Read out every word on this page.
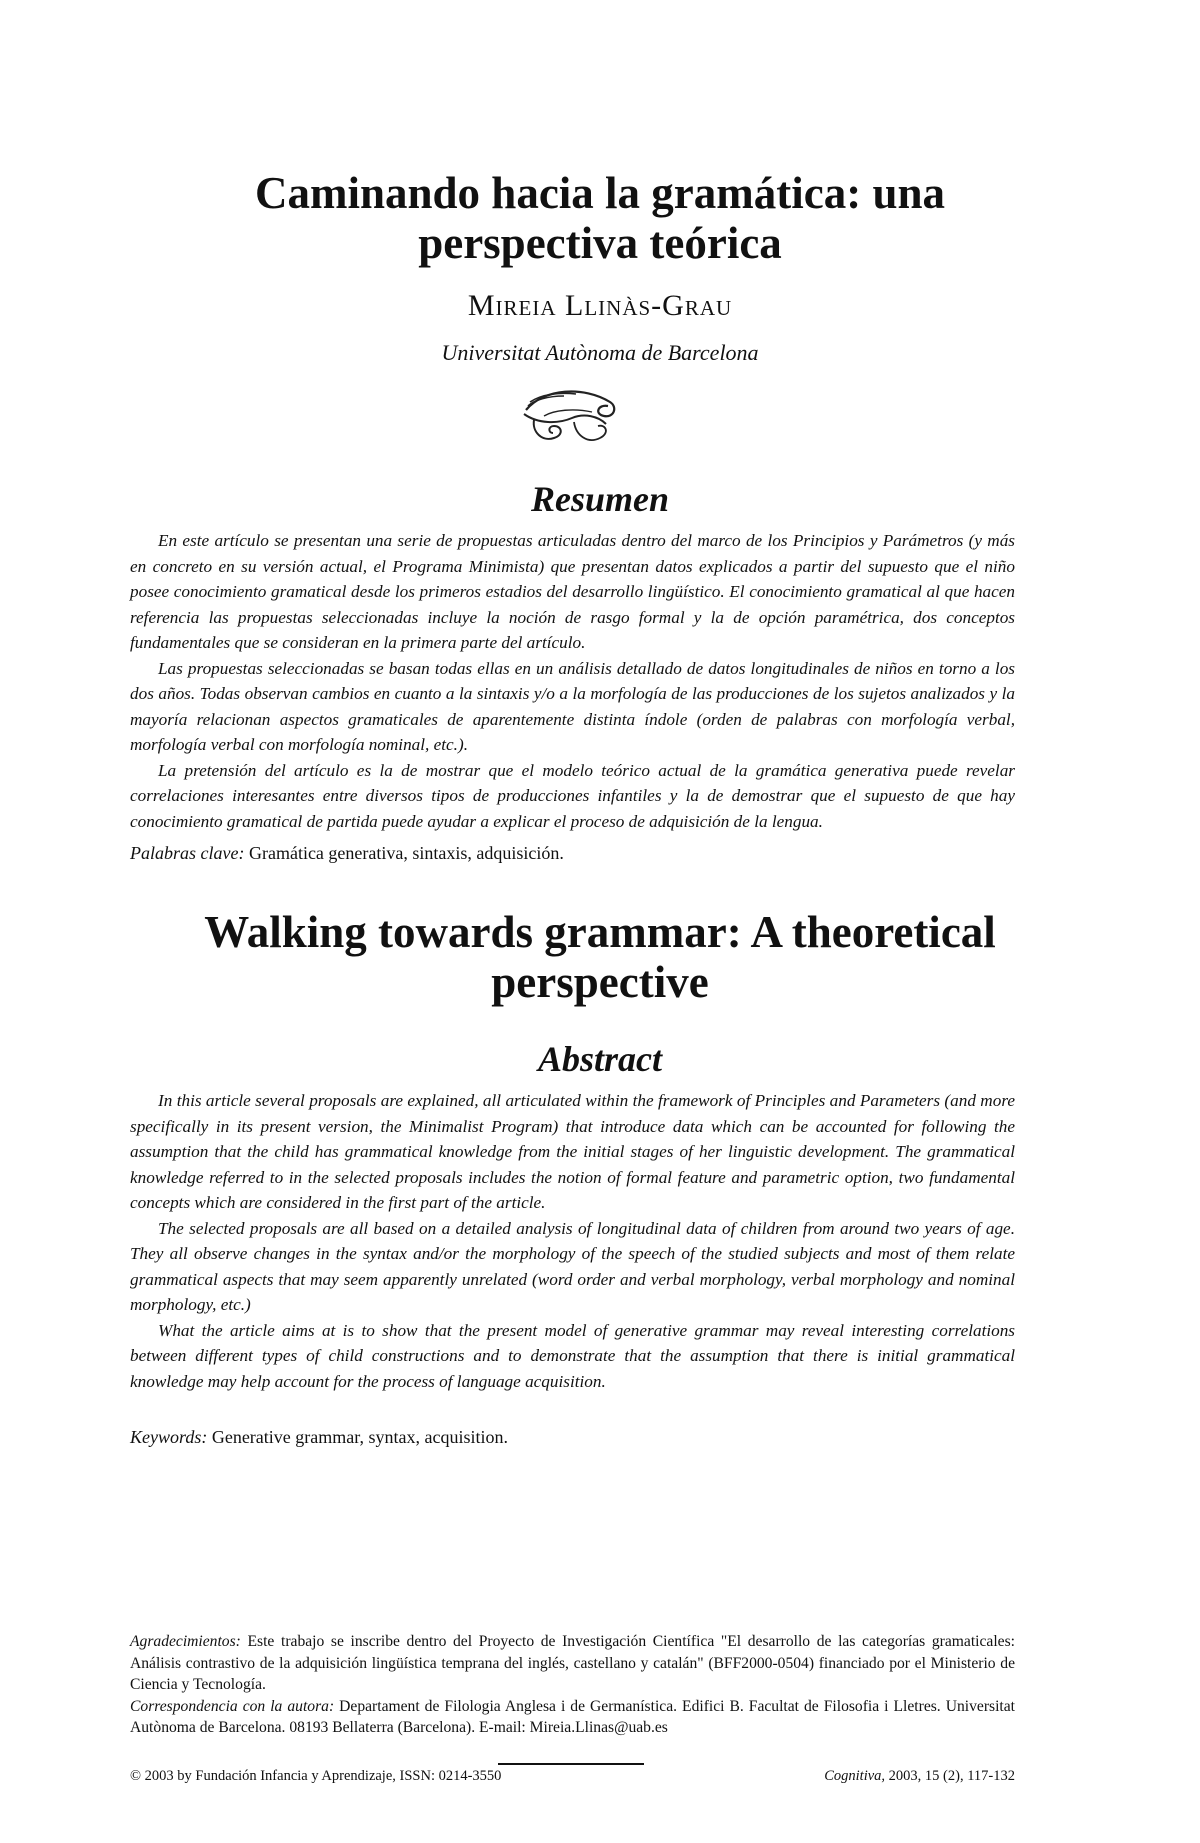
Caminando hacia la gramática: una
perspectiva teórica
Mireia Llinàs-Grau
Universitat Autònoma de Barcelona
Resumen

En este artículo se presentan una serie de propuestas articuladas dentro del marco de los Principios y Parámetros (y más en concreto en su versión actual, el Programa Minimista) que presentan datos explicados a partir del supuesto que el niño posee conocimiento gramatical desde los primeros estadios del desarrollo lingüístico. El conocimiento gramatical al que hacen referencia las propuestas seleccionadas incluye la noción de rasgo formal y la de opción paramétrica, dos conceptos fundamentales que se consideran en la primera parte del artículo.

Las propuestas seleccionadas se basan todas ellas en un análisis detallado de datos longitudinales de niños en torno a los dos años. Todas observan cambios en cuanto a la sintaxis y/o a la morfología de las producciones de los sujetos analizados y la mayoría relacionan aspectos gramaticales de aparentemente distinta índole (orden de palabras con morfología verbal, morfología verbal con morfología nominal, etc.).

La pretensión del artículo es la de mostrar que el modelo teórico actual de la gramática generativa puede revelar correlaciones interesantes entre diversos tipos de producciones infantiles y la de demostrar que el supuesto de que hay conocimiento gramatical de partida puede ayudar a explicar el proceso de adquisición de la lengua.

Palabras clave: Gramática generativa, sintaxis, adquisición.
Walking towards grammar: A theoretical
perspective
Abstract

In this article several proposals are explained, all articulated within the framework of Principles and Parameters (and more specifically in its present version, the Minimalist Program) that introduce data which can be accounted for following the assumption that the child has grammatical knowledge from the initial stages of her linguistic development. The grammatical knowledge referred to in the selected proposals includes the notion of formal feature and parametric option, two fundamental concepts which are considered in the first part of the article.

The selected proposals are all based on a detailed analysis of longitudinal data of children from around two years of age. They all observe changes in the syntax and/or the morphology of the speech of the studied subjects and most of them relate grammatical aspects that may seem apparently unrelated (word order and verbal morphology, verbal morphology and nominal morphology, etc.)

What the article aims at is to show that the present model of generative grammar may reveal interesting correlations between different types of child constructions and to demonstrate that the assumption that there is initial grammatical knowledge may help account for the process of language acquisition.

Keywords: Generative grammar, syntax, acquisition.

Agradecimientos: Este trabajo se inscribe dentro del Proyecto de Investigación Científica "El desarrollo de las categorías gramaticales: Análisis contrastivo de la adquisición lingüística temprana del inglés, castellano y catalán" (BFF2000-0504) financiado por el Ministerio de Ciencia y Tecnología.

Correspondencia con la autora: Departament de Filologia Anglesa i de Germanística. Edifici B. Facultat de Filosofia i Lletres. Universitat Autònoma de Barcelona. 08193 Bellaterra (Barcelona). E-mail: Mireia.Llinas@uab.es

© 2003 by Fundación Infancia y Aprendizaje, ISSN: 0214-3550	Cognitiva, 2003, 15 (2), 117-132
